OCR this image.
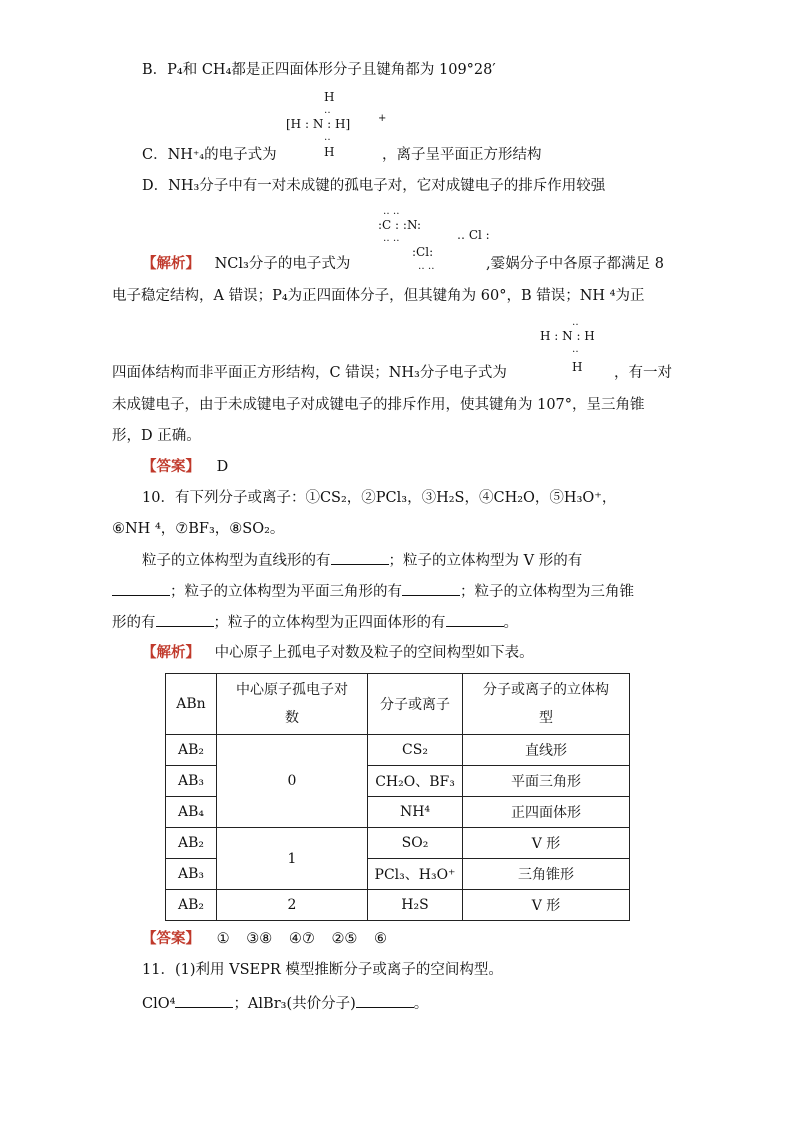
B．P₄和 CH₄都是正四面体形分子且键角都为 109°28′
H
‥
[H : N : H]	+
‥
H
C．NH⁺₄的电子式为	，离子呈平面正方形结构
D．NH₃分子中有一对未成键的孤电子对，它对成键电子的排斥作用较强
‥ ‥
:C : :N:
‥ ‥
:Cl:
‥ ‥
‥ Cl :
【解析】 NCl₃分子的电子式为	,霎娲分子中各原子都满足 8
电子稳定结构，A 错误；P₄为正四面体分子，但其键角为 60°，B 错误；NH ⁴为正
‥
H : N : H
‥
H
四面体结构而非平面正方形结构，C 错误；NH₃分子电子式为	，有一对
未成键电子，由于未成键电子对成键电子的排斥作用，使其键角为 107°，呈三角锥
形，D 正确。
【答案】 D
10．有下列分子或离子：①CS₂，②PCl₃，③H₂S，④CH₂O，⑤H₃O⁺，
⑥NH ⁴，⑦BF₃，⑧SO₂。
粒子的立体构型为直线形的有	；粒子的立体构型为 V 形的有
；粒子的立体构型为平面三角形的有	；粒子的立体构型为三角锥
形的有	；粒子的立体构型为正四面体形的有	。
【解析】 中心原子上孤电子对数及粒子的空间构型如下表。
ABn	中心原子孤电子对
数	分子或离子	分子或离子的立体构
型
AB₂	0	CS₂	直线形
AB₃		CH₂O、BF₃	平面三角形
AB₄		NH⁴	正四面体形
AB₂	1	SO₂	V 形
AB₃		PCl₃、H₃O⁺	三角锥形
AB₂	2	H₂S	V 形
【答案】 ① ③⑧ ④⑦ ②⑤ ⑥
11．(1)利用 VSEPR 模型推断分子或离子的空间构型。
ClO⁴	；AlBr₃(共价分子)	。
